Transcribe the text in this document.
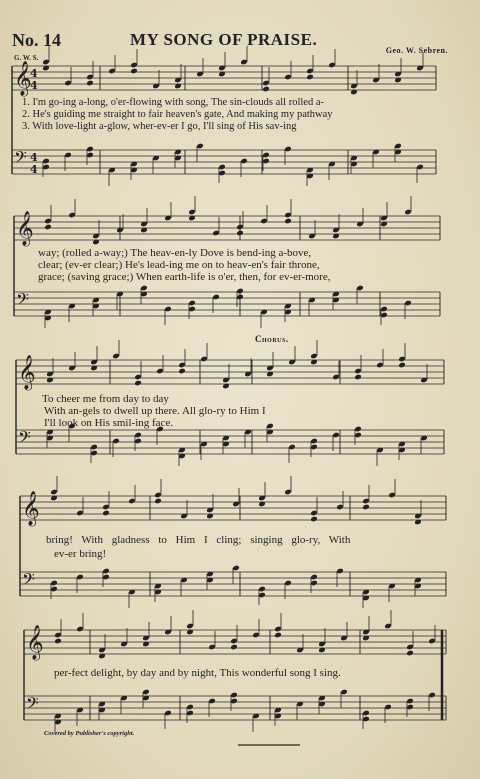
No. 14	MY SONG OF PRAISE.
Geo. W. Sebren.
G. W. S.
𝄞
𝄢
𝄞
𝄢
𝄞
𝄢
𝄞
𝄢
𝄞
𝄢
4
4
4
4
1. I'm go-ing a-long, o'er-flowing with song, The sin-clouds all rolled a-
2. He's guiding me straight to fair heaven's gate, And making my pathway
3. With love-light a-glow, wher-ev-er I go, I'll sing of His sav-ing
way; (rolled a-way;) The heav-en-ly Dove is bend-ing a-bove,
clear; (ev-er clear;) He's lead-ing me on to heav-en's fair throne,
grace; (saving grace;) When earth-life is o'er, then, for ev-er-more,
Chorus.
To cheer me from day to day
With an-gels to dwell up there. All glo-ry to Him I
I'll look on His smil-ing face.
bring! With gladness to Him I cling; singing glo-ry, With
ev-er bring!
per-fect delight, by day and by night, This wonderful song I sing.
Covered by Publisher's copyright.
